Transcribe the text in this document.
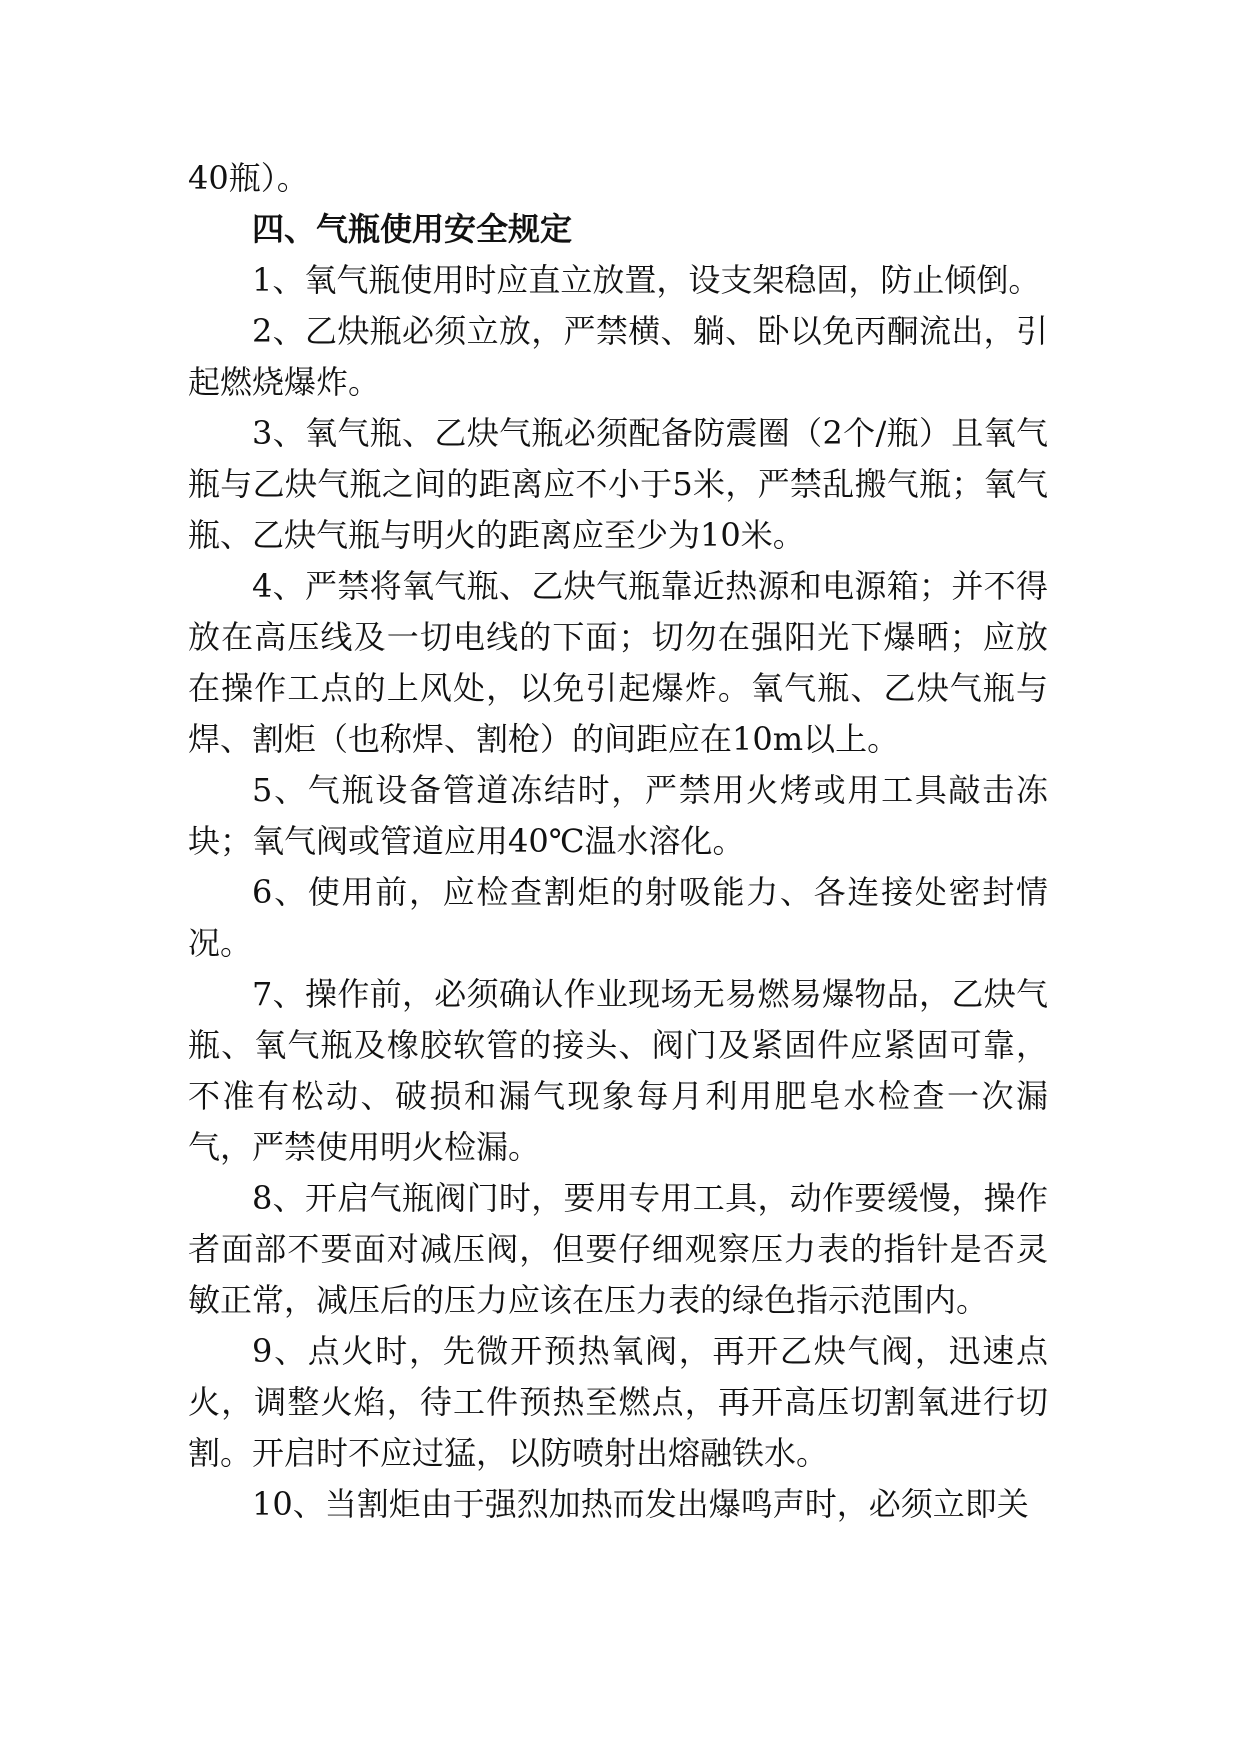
40瓶）。

四、气瓶使用安全规定

1、氧气瓶使用时应直立放置，设支架稳固，防止倾倒。

2、乙炔瓶必须立放，严禁横、躺、卧以免丙酮流出，引起燃烧爆炸。

3、氧气瓶、乙炔气瓶必须配备防震圈（2个/瓶）且氧气瓶与乙炔气瓶之间的距离应不小于5米，严禁乱搬气瓶；氧气瓶、乙炔气瓶与明火的距离应至少为10米。

4、严禁将氧气瓶、乙炔气瓶靠近热源和电源箱；并不得放在高压线及一切电线的下面；切勿在强阳光下爆晒；应放在操作工点的上风处，以免引起爆炸。氧气瓶、乙炔气瓶与焊、割炬（也称焊、割枪）的间距应在10m以上。

5、气瓶设备管道冻结时，严禁用火烤或用工具敲击冻块；氧气阀或管道应用40℃温水溶化。

6、使用前，应检查割炬的射吸能力、各连接处密封情况。

7、操作前，必须确认作业现场无易燃易爆物品，乙炔气瓶、氧气瓶及橡胶软管的接头、阀门及紧固件应紧固可靠，不准有松动、破损和漏气现象每月利用肥皂水检查一次漏气，严禁使用明火检漏。

8、开启气瓶阀门时，要用专用工具，动作要缓慢，操作者面部不要面对减压阀，但要仔细观察压力表的指针是否灵敏正常，减压后的压力应该在压力表的绿色指示范围内。

9、点火时，先微开预热氧阀，再开乙炔气阀，迅速点火，调整火焰，待工件预热至燃点，再开高压切割氧进行切割。开启时不应过猛，以防喷射出熔融铁水。

10、当割炬由于强烈加热而发出爆鸣声时，必须立即关
